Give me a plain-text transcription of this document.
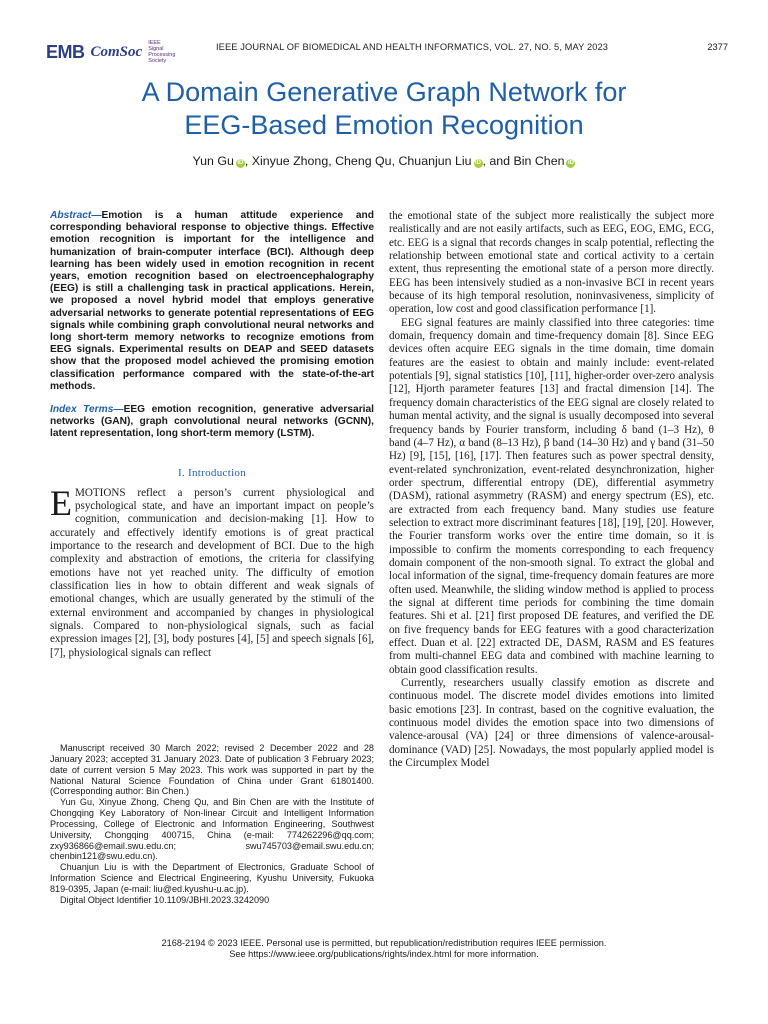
EMB ComSoc
IEEE Signal Processing Society
IEEE JOURNAL OF BIOMEDICAL AND HEALTH INFORMATICS, VOL. 27, NO. 5, MAY 2023	2377
A Domain Generative Graph Network for
EEG-Based Emotion Recognition
Yun Gu iD , Xinyue Zhong, Cheng Qu, Chuanjun Liu iD , and Bin Chen iD

Abstract—Emotion is a human attitude experience and corresponding behavioral response to objective things. Effective emotion recognition is important for the intelligence and humanization of brain-computer interface (BCI). Although deep learning has been widely used in emotion recognition in recent years, emotion recognition based on electroencephalography (EEG) is still a challenging task in practical applications. Herein, we proposed a novel hybrid model that employs generative adversarial networks to generate potential representations of EEG signals while combining graph convolutional neural networks and long short-term memory networks to recognize emotions from EEG signals. Experimental results on DEAP and SEED datasets show that the proposed model achieved the promising emotion classification performance compared with the state-of-the-art methods.

Index Terms—EEG emotion recognition, generative adversarial networks (GAN), graph convolutional neural networks (GCNN), latent representation, long short-term memory (LSTM).

I. Introduction

EMOTIONS reflect a person’s current physiological and psychological state, and have an important impact on people’s cognition, communication and decision-making [1]. How to accurately and effectively identify emotions is of great practical importance to the research and development of BCI. Due to the high complexity and abstraction of emotions, the criteria for classifying emotions have not yet reached unity. The difficulty of emotion classification lies in how to obtain different and weak signals of emotional changes, which are usually generated by the stimuli of the external environment and accompanied by changes in physiological signals. Compared to non-physiological signals, such as facial expression images [2], [3], body postures [4], [5] and speech signals [6], [7], physiological signals can reflect

Manuscript received 30 March 2022; revised 2 December 2022 and 28 January 2023; accepted 31 January 2023. Date of publication 3 February 2023; date of current version 5 May 2023. This work was supported in part by the National Natural Science Foundation of China under Grant 61801400. (Corresponding author: Bin Chen.)

Yun Gu, Xinyue Zhong, Cheng Qu, and Bin Chen are with the Institute of Chongqing Key Laboratory of Non-linear Circuit and Intelligent Information Processing, College of Electronic and Information Engineering, Southwest University, Chongqing 400715, China (e-mail: 774262296@qq.com; zxy936866@email.swu.edu.cn; swu745703@email.swu.edu.cn; chenbin121@swu.edu.cn).

Chuanjun Liu is with the Department of Electronics, Graduate School of Information Science and Electrical Engineering, Kyushu University, Fukuoka 819-0395, Japan (e-mail: liu@ed.kyushu-u.ac.jp).

Digital Object Identifier 10.1109/JBHI.2023.3242090

the emotional state of the subject more realistically the subject more realistically and are not easily artifacts, such as EEG, EOG, EMG, ECG, etc. EEG is a signal that records changes in scalp potential, reflecting the relationship between emotional state and cortical activity to a certain extent, thus representing the emotional state of a person more directly. EEG has been intensively studied as a non-invasive BCI in recent years because of its high temporal resolution, noninvasiveness, simplicity of operation, low cost and good classification performance [1].

EEG signal features are mainly classified into three categories: time domain, frequency domain and time-frequency domain [8]. Since EEG devices often acquire EEG signals in the time domain, time domain features are the easiest to obtain and mainly include: event-related potentials [9], signal statistics [10], [11], higher-order over-zero analysis [12], Hjorth parameter features [13] and fractal dimension [14]. The frequency domain characteristics of the EEG signal are closely related to human mental activity, and the signal is usually decomposed into several frequency bands by Fourier transform, including δ band (1–3 Hz), θ band (4–7 Hz), α band (8–13 Hz), β band (14–30 Hz) and γ band (31–50 Hz) [9], [15], [16], [17]. Then features such as power spectral density, event-related synchronization, event-related desynchronization, higher order spectrum, differential entropy (DE), differential asymmetry (DASM), rational asymmetry (RASM) and energy spectrum (ES), etc. are extracted from each frequency band. Many studies use feature selection to extract more discriminant features [18], [19], [20]. However, the Fourier transform works over the entire time domain, so it is impossible to confirm the moments corresponding to each frequency domain component of the non-smooth signal. To extract the global and local information of the signal, time-frequency domain features are more often used. Meanwhile, the sliding window method is applied to process the signal at different time periods for combining the time domain features. Shi et al. [21] first proposed DE features, and verified the DE on five frequency bands for EEG features with a good characterization effect. Duan et al. [22] extracted DE, DASM, RASM and ES features from multi-channel EEG data and combined with machine learning to obtain good classification results.

Currently, researchers usually classify emotion as discrete and continuous model. The discrete model divides emotions into limited basic emotions [23]. In contrast, based on the cognitive evaluation, the continuous model divides the emotion space into two dimensions of valence-arousal (VA) [24] or three dimensions of valence-arousal-dominance (VAD) [25]. Nowadays, the most popularly applied model is the Circumplex Model

2168-2194 © 2023 IEEE. Personal use is permitted, but republication/redistribution requires IEEE permission.
See https://www.ieee.org/publications/rights/index.html for more information.
